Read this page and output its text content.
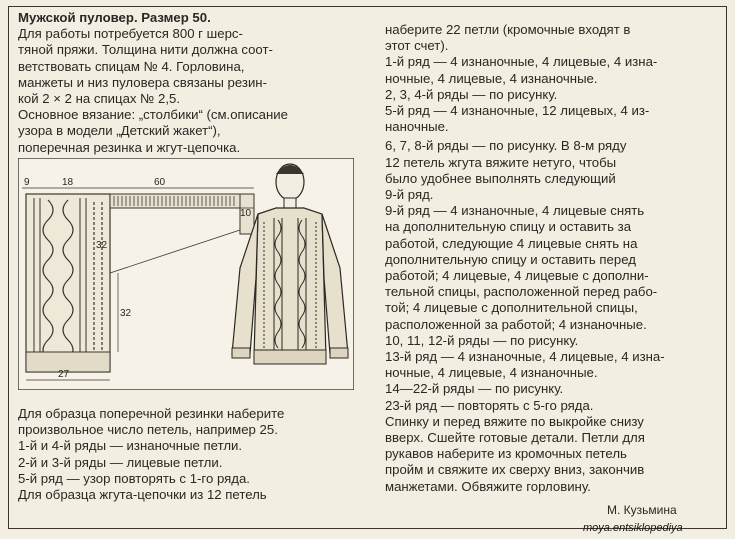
Мужской пуловер. Размер 50.
Для работы потребуется 800 г шерс-
тяной пряжи. Толщина нити должна соот-
ветствовать спицам № 4. Горловина,
манжеты и низ пуловера связаны резин-
кой 2 × 2 на спицах № 2,5.
Основное вязание: „столбики“ (см.описание
узора в модели „Детский жакет“),
поперечная резинка и жгут-цепочка.
9	18	60
10
32
32
27
Для образца поперечной резинки наберите
произвольное число петель, например 25.
1-й и 4-й ряды — изнаночные петли.
2-й и 3-й ряды — лицевые петли.
5-й ряд — узор повторять с 1-го ряда.
Для образца жгута-цепочки из 12 петель
наберите 22 петли (кромочные входят в
этот счет).
1-й ряд — 4 изнаночные, 4 лицевые, 4 изна-
ночные, 4 лицевые, 4 изнаночные.
2, 3, 4-й ряды — по рисунку.
5-й ряд — 4 изнаночные, 12 лицевых, 4 из-
наночные.
6, 7, 8-й ряды — по рисунку. В 8-м ряду
12 петель жгута вяжите нетугo, чтобы
было удобнее выполнять следующий
9-й ряд.
9-й ряд — 4 изнаночные, 4 лицевые снять
на дополнительную спицу и оставить за
работой, следующие 4 лицевые снять на
дополнительную спицу и оставить перед
работой; 4 лицевые, 4 лицевые с дополни-
тельной спицы, расположенной перед рабо-
той; 4 лицевые с дополнительной спицы,
расположенной за работой; 4 изнаночные.
10, 11, 12-й ряды — по рисунку.
13-й ряд — 4 изнаночные, 4 лицевые, 4 изна-
ночные, 4 лицевые, 4 изнаночные.
14—22-й ряды — по рисунку.
23-й ряд — повторять с 5-го ряда.
Спинку и перед вяжите по выкройке снизу
вверх. Сшейте готовые детали. Петли для
рукавов наберите из кромочных петель
пройм и свяжите их сверху вниз, закончив
манжетами. Обвяжите горловину.
М. Кузьмина
moya.entsiklopediya
